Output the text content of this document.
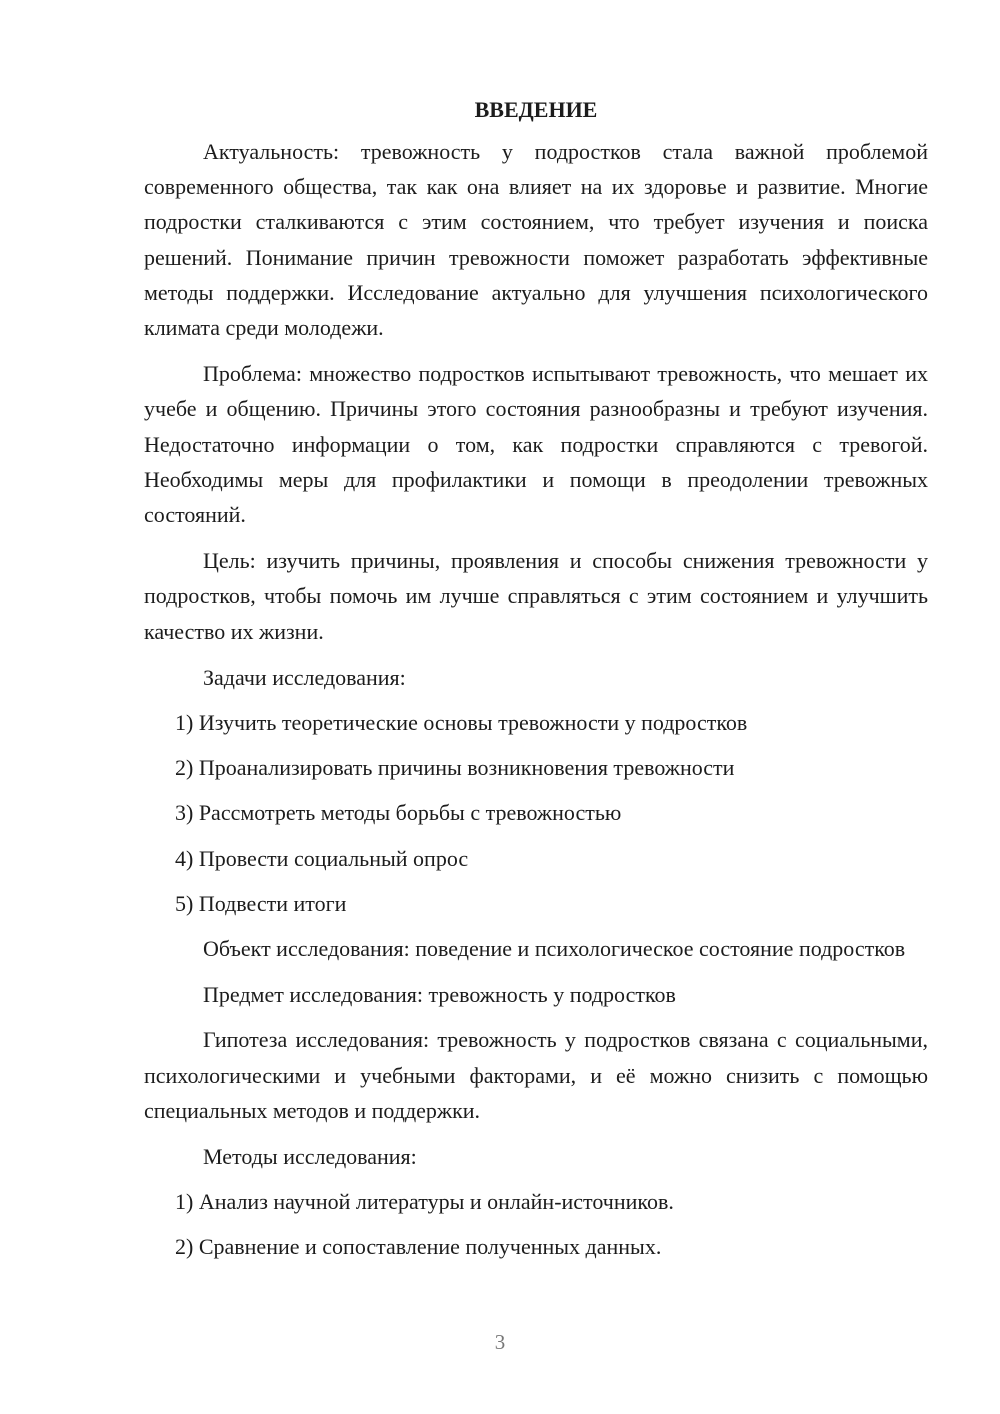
ВВЕДЕНИЕ

Актуальность: тревожность у подростков стала важной проблемой современного общества, так как она влияет на их здоровье и развитие. Многие подростки сталкиваются с этим состоянием, что требует изучения и поиска решений. Понимание причин тревожности поможет разработать эффективные методы поддержки. Исследование актуально для улучшения психологического климата среди молодежи.

Проблема: множество подростков испытывают тревожность, что мешает их учебе и общению. Причины этого состояния разнообразны и требуют изучения. Недостаточно информации о том, как подростки справляются с тревогой. Необходимы меры для профилактики и помощи в преодолении тревожных состояний.

Цель: изучить причины, проявления и способы снижения тревожности у подростков, чтобы помочь им лучше справляться с этим состоянием и улучшить качество их жизни.

Задачи исследования:

1) Изучить теоретические основы тревожности у подростков
2) Проанализировать причины возникновения тревожности
3) Рассмотреть методы борьбы с тревожностью
4) Провести социальный опрос
5) Подвести итоги

Объект исследования: поведение и психологическое состояние подростков

Предмет исследования: тревожность у подростков

Гипотеза исследования: тревожность у подростков связана с социальными, психологическими и учебными факторами, и её можно снизить с помощью специальных методов и поддержки.

Методы исследования:

1) Анализ научной литературы и онлайн-источников.
2) Сравнение и сопоставление полученных данных.
3
